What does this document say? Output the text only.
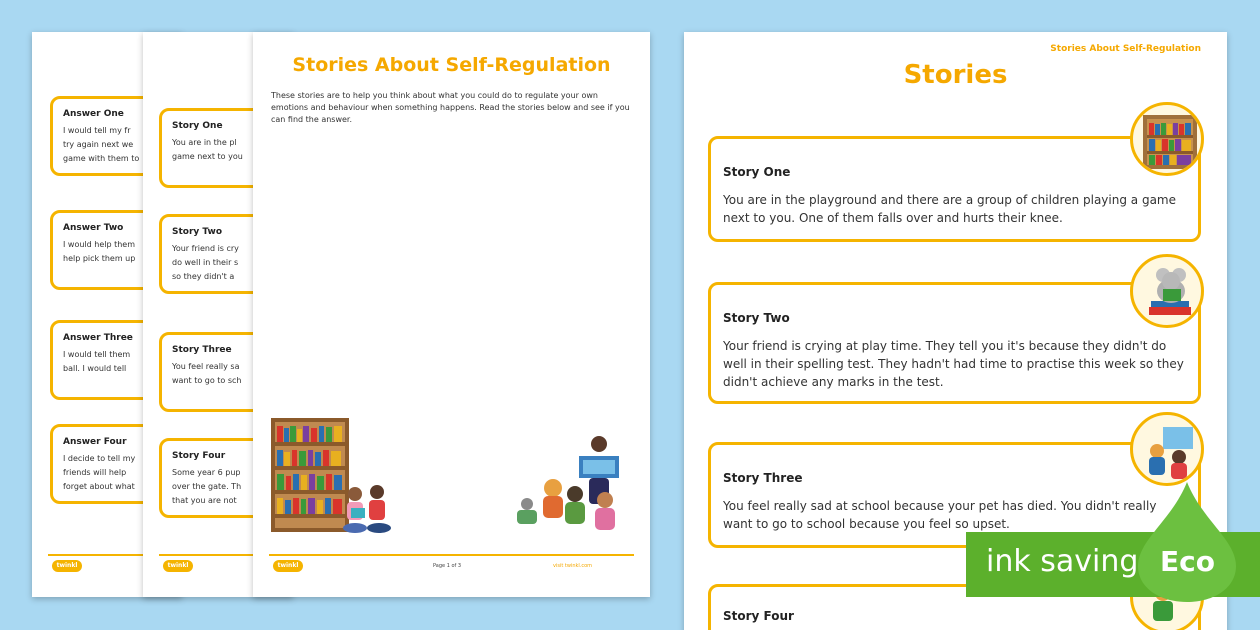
Answer One
I would tell my fr
try again next we
game with them to
Answer Two
I would help them
help pick them up
Answer Three
I would tell them
ball. I would tell
Answer Four
I decide to tell my
friends will help
forget about what
twinkl
Story One
You are in the pl
game next to you
Story Two
Your friend is cry
do well in their s
so they didn't a
Story Three
You feel really sa
want to go to sch
Story Four
Some year 6 pup
over the gate. Th
that you are not
twinkl
Stories About Self-Regulation
These stories are to help you think about what you could do to regulate your own emotions and behaviour when something happens. Read the stories below and see if you can find the answer.
twinkl	Page 1 of 3	visit twinkl.com
Stories About Self-Regulation
Stories
Story One
You are in the playground and there are a group of children playing a game next to you. One of them falls over and hurts their knee.
Story Two
Your friend is crying at play time. They tell you it's because they didn't do well in their spelling test. They hadn't had time to practise this week so they didn't achieve any marks in the test.
Story Three
You feel really sad at school because your pet has died. You didn't really want to go to school because you feel so upset.
Story Four
ink saving Eco
